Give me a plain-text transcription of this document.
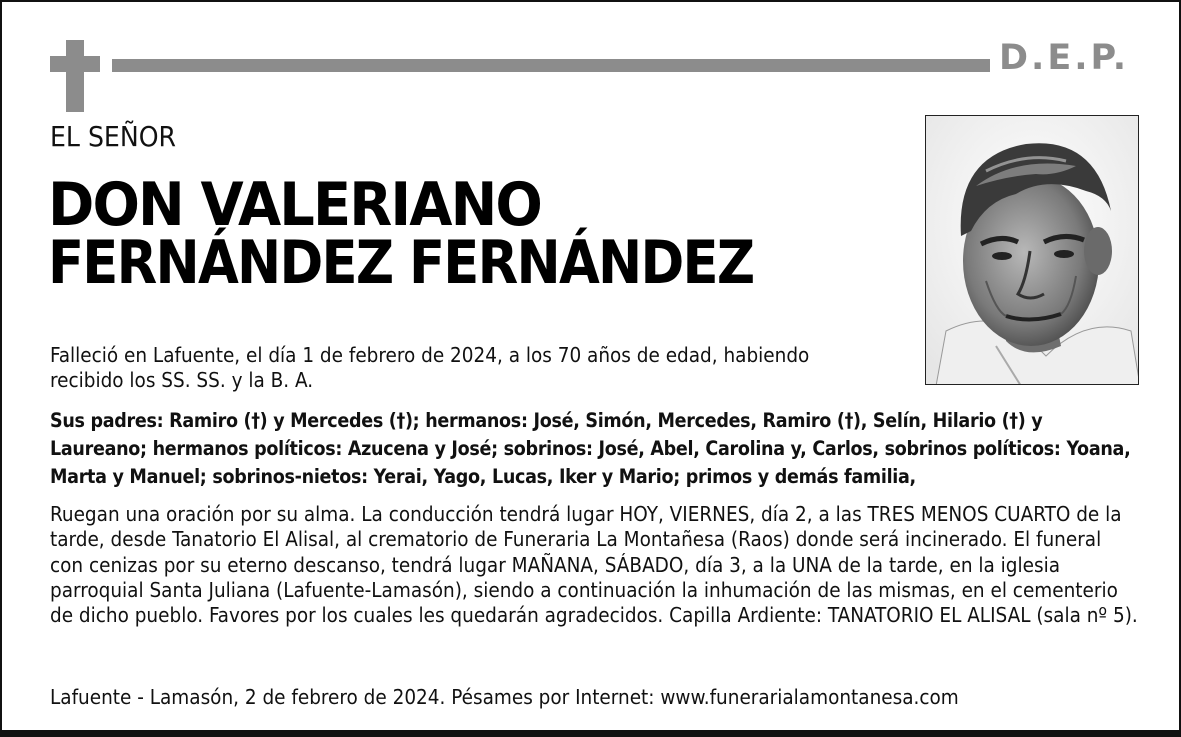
D.E.P.
EL SEÑOR
DON VALERIANO
FERNÁNDEZ FERNÁNDEZ
Falleció en Lafuente, el día 1 de febrero de 2024, a los 70 años de edad, habiendo recibido los SS. SS. y la B. A.
Sus padres: Ramiro (†) y Mercedes (†); hermanos: José, Simón, Mercedes, Ramiro (†), Selín, Hilario (†) y Laureano; hermanos políticos: Azucena y José; sobrinos: José, Abel, Carolina y, Carlos, sobrinos políticos: Yoana, Marta y Manuel; sobrinos-nietos: Yerai, Yago, Lucas, Iker y Mario; primos y demás familia,
Ruegan una oración por su alma. La conducción tendrá lugar HOY, VIERNES, día 2, a las TRES MENOS CUARTO de la tarde, desde Tanatorio El Alisal, al crematorio de Funeraria La Montañesa (Raos) donde será incinerado. El funeral con cenizas por su eterno descanso, tendrá lugar MAÑANA, SÁBADO, día 3, a la UNA de la tarde, en la iglesia parroquial Santa Juliana (Lafuente-Lamasón), siendo a continuación la inhumación de las mismas, en el cementerio de dicho pueblo. Favores por los cuales les quedarán agradecidos. Capilla Ardiente: TANATORIO EL ALISAL (sala nº 5).
Lafuente - Lamasón, 2 de febrero de 2024. Pésames por Internet: www.funerarialamontanesa.com
